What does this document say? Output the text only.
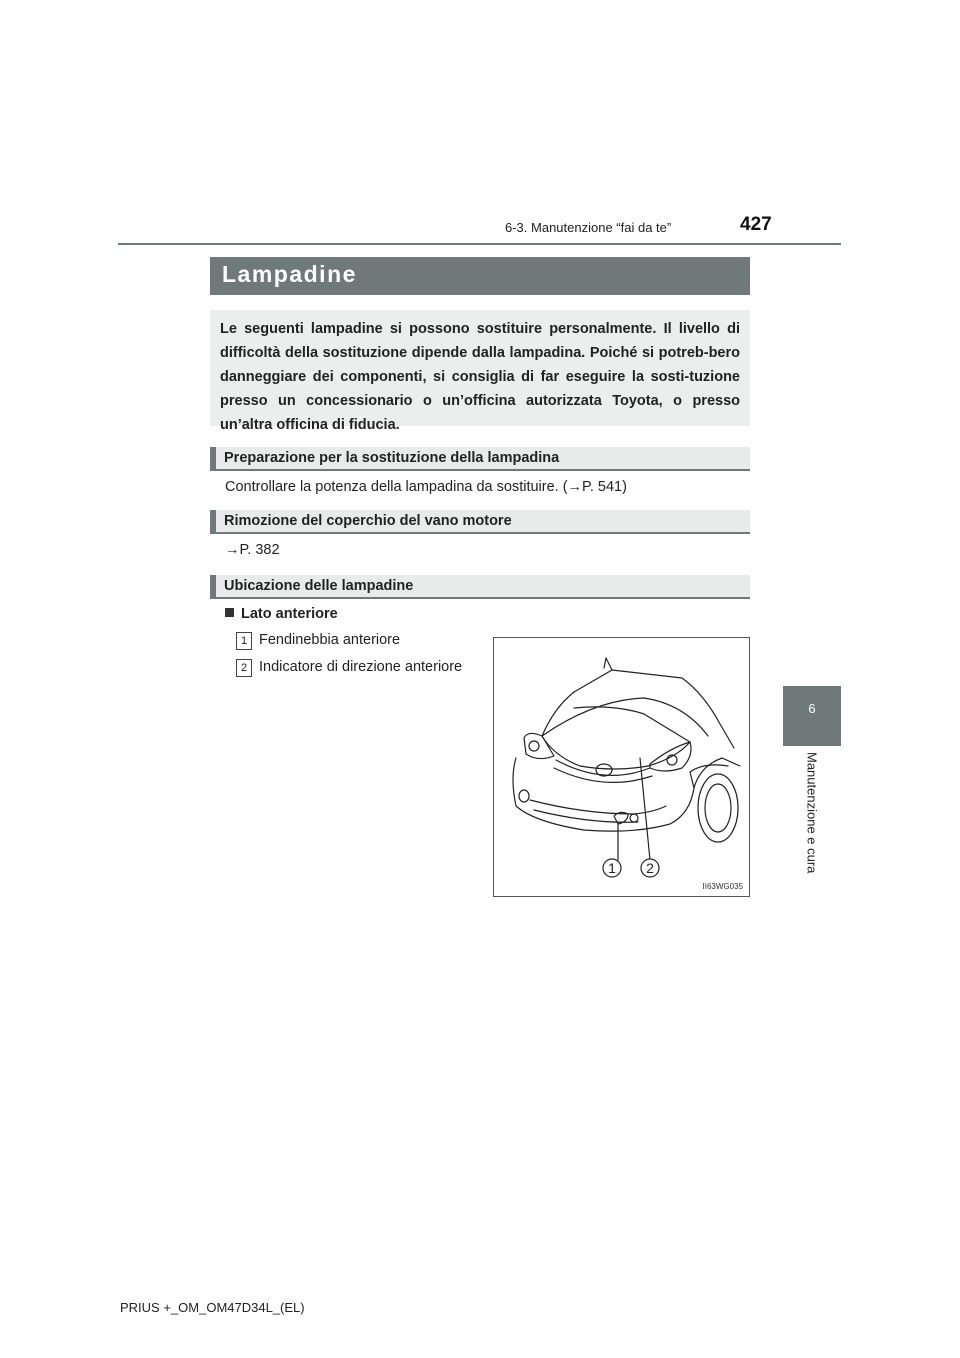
6-3. Manutenzione “fai da te”	427
6
Manutenzione e cura
Lampadine

Le seguenti lampadine si possono sostituire personalmente. Il livello di difficoltà della sostituzione dipende dalla lampadina. Poiché si potreb-bero danneggiare dei componenti, si consiglia di far eseguire la sosti-tuzione presso un concessionario o un’officina autorizzata Toyota, o presso un’altra officina di fiducia.

Preparazione per la sostituzione della lampadina
Controllare la potenza della lampadina da sostituire. (→P. 541)
Rimozione del coperchio del vano motore
→P. 382
Ubicazione delle lampadine
Lato anteriore
1 Fendinebbia anteriore
2 Indicatore di direzione anteriore
1 2
II63WG035
PRIUS +_OM_OM47D34L_(EL)
